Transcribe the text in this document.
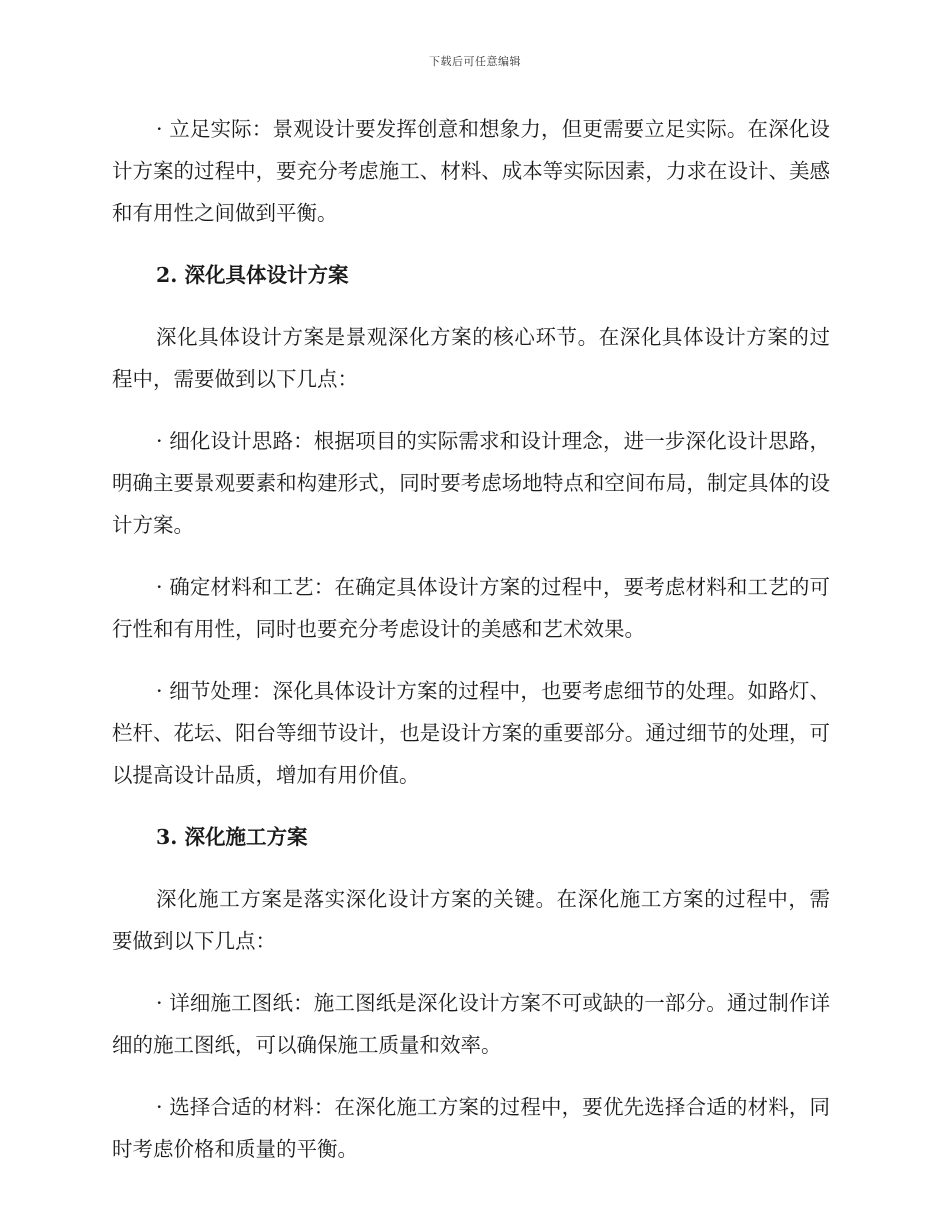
下载后可任意编辑

· 立足实际：景观设计要发挥创意和想象力，但更需要立足实际。在深化设计方案的过程中，要充分考虑施工、材料、成本等实际因素，力求在设计、美感和有用性之间做到平衡。

2. 深化具体设计方案

深化具体设计方案是景观深化方案的核心环节。在深化具体设计方案的过程中，需要做到以下几点：

· 细化设计思路：根据项目的实际需求和设计理念，进一步深化设计思路，明确主要景观要素和构建形式，同时要考虑场地特点和空间布局，制定具体的设计方案。

· 确定材料和工艺：在确定具体设计方案的过程中，要考虑材料和工艺的可行性和有用性，同时也要充分考虑设计的美感和艺术效果。

· 细节处理：深化具体设计方案的过程中，也要考虑细节的处理。如路灯、栏杆、花坛、阳台等细节设计，也是设计方案的重要部分。通过细节的处理，可以提高设计品质，增加有用价值。

3. 深化施工方案

深化施工方案是落实深化设计方案的关键。在深化施工方案的过程中，需要做到以下几点：

· 详细施工图纸：施工图纸是深化设计方案不可或缺的一部分。通过制作详细的施工图纸，可以确保施工质量和效率。

· 选择合适的材料：在深化施工方案的过程中，要优先选择合适的材料，同时考虑价格和质量的平衡。
